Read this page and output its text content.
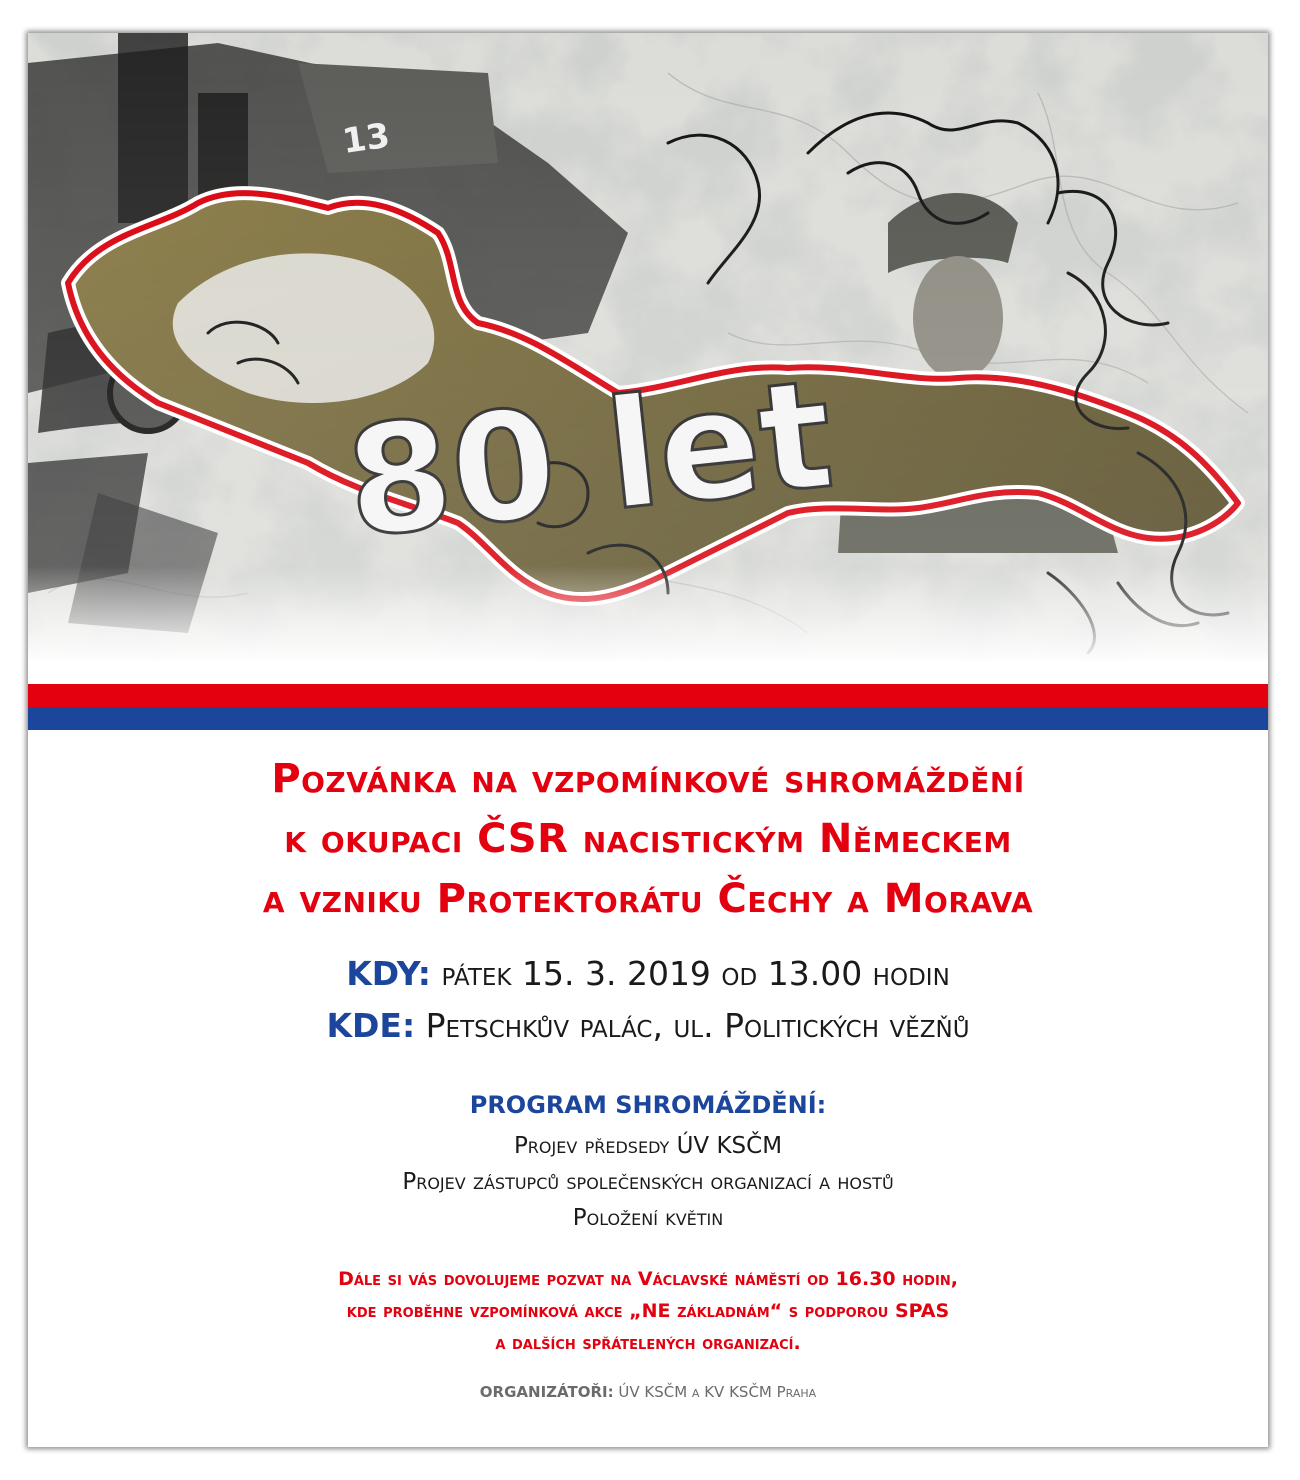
Pozvánka na vzpomínkové shromáždění
k okupaci ČSR nacistickým Německem
a vzniku Protektorátu Čechy a Morava
KDY: pátek 15. 3. 2019 od 13.00 hodin
KDE: Petschkův palác, ul. Politických vězňů
PROGRAM SHROMÁŽDĚNÍ:
Projev předsedy ÚV KSČM
Projev zástupců společenských organizací a hostů
Položení květin
Dále si vás dovolujeme pozvat na Václavské náměstí od 16.30 hodin,
kde proběhne vzpomínková akce „NE základnám“ s podporou SPAS
a dalších spřátelených organizací.
ORGANIZÁTOŘI: ÚV KSČM a KV KSČM Praha
